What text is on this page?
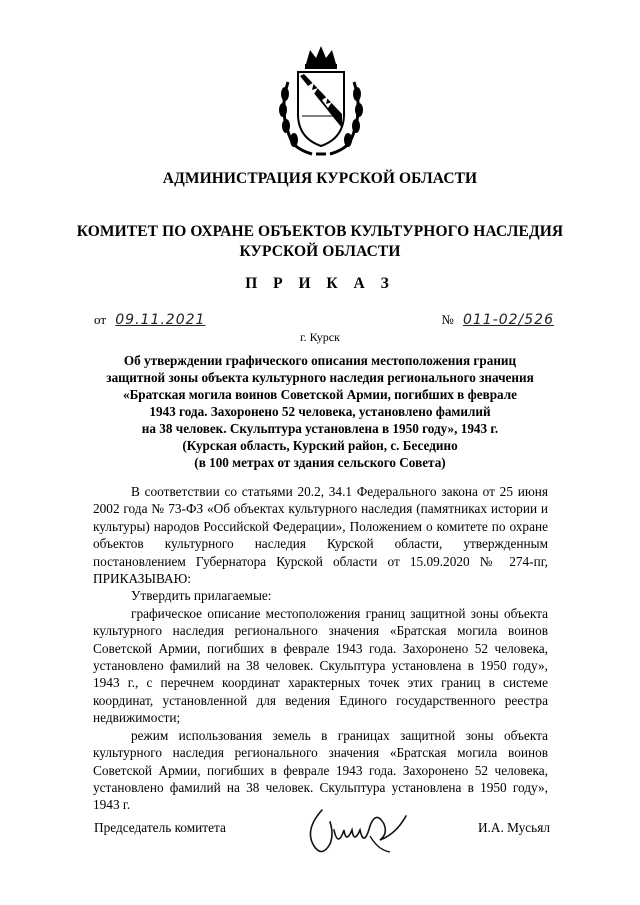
АДМИНИСТРАЦИЯ КУРСКОЙ ОБЛАСТИ
КОМИТЕТ ПО ОХРАНЕ ОБЪЕКТОВ КУЛЬТУРНОГО НАСЛЕДИЯ
КУРСКОЙ ОБЛАСТИ
П Р И К А З
от 09.11.2021	№ 011-02/526
г. Курск
Об утверждении графического описания местоположения границ
защитной зоны объекта культурного наследия регионального значения
«Братская могила воинов Советской Армии, погибших в феврале
1943 года. Захоронено 52 человека, установлено фамилий
на 38 человек. Скульптура установлена в 1950 году», 1943 г.
(Курская область, Курский район, с. Беседино
(в 100 метрах от здания сельского Совета)

В соответствии со статьями 20.2, 34.1 Федерального закона от 25 июня 2002 года № 73-ФЗ «Об объектах культурного наследия (памятниках истории и культуры) народов Российской Федерации», Положением о комитете по охране объектов культурного наследия Курской области, утвержденным постановлением Губернатора Курской области от 15.09.2020 № 274-пг, ПРИКАЗЫВАЮ:

Утвердить прилагаемые:

графическое описание местоположения границ защитной зоны объекта культурного наследия регионального значения «Братская могила воинов Советской Армии, погибших в феврале 1943 года. Захоронено 52 человека, установлено фамилий на 38 человек. Скульптура установлена в 1950 году», 1943 г., с перечнем координат характерных точек этих границ в системе координат, установленной для ведения Единого государственного реестра недвижимости;

режим использования земель в границах защитной зоны объекта культурного наследия регионального значения «Братская могила воинов Советской Армии, погибших в феврале 1943 года. Захоронено 52 человека, установлено фамилий на 38 человек. Скульптура установлена в 1950 году», 1943 г.

Председатель комитета	И.А. Мусьял
